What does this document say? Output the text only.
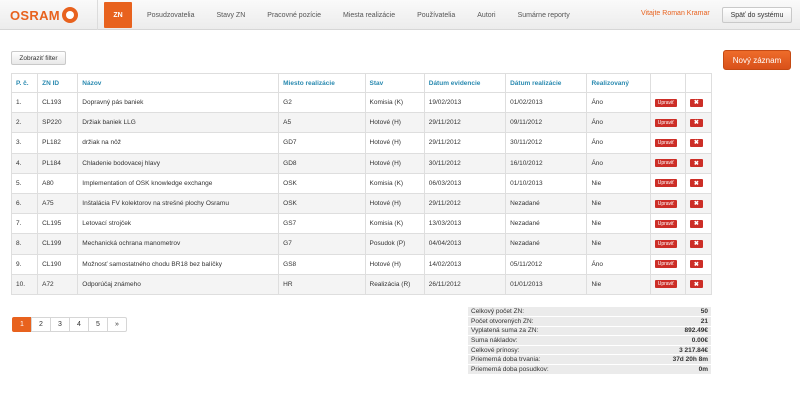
OSRAM	ZN	Posudzovatelia	Stavy ZN	Pracovné pozície	Miesta realizácie	Používatelia	Autori	Sumárne reporty	Vitajte Roman Kramar	Späť do systému
Zobraziť filter	Nový záznam
P. č.	ZN ID	Názov	Miesto realizácie	Stav	Dátum evidencie	Dátum realizácie	Realizovaný		
1.	CL193	Dopravný pás baniek	G2	Komisia (K)	19/02/2013	01/02/2013	Áno	Upraviť	✖
2.	SP220	Držiak baniek LLG	A5	Hotové (H)	29/11/2012	09/11/2012	Áno	Upraviť	✖
3.	PL182	držiak na nôž	GD7	Hotové (H)	29/11/2012	30/11/2012	Áno	Upraviť	✖
4.	PL184	Chladenie bodovacej hlavy	GD8	Hotové (H)	30/11/2012	16/10/2012	Áno	Upraviť	✖
5.	A80	Implementation of OSK knowledge exchange	OSK	Komisia (K)	06/03/2013	01/10/2013	Nie	Upraviť	✖
6.	A75	Inštalácia FV kolektorov na strešné plochy Osramu	OSK	Hotové (H)	29/11/2012	Nezadané	Nie	Upraviť	✖
7.	CL195	Letovací strojček	GS7	Komisia (K)	13/03/2013	Nezadané	Nie	Upraviť	✖
8.	CL199	Mechanická ochrana manometrov	G7	Posudok (P)	04/04/2013	Nezadané	Nie	Upraviť	✖
9.	CL190	Možnosť samostatného chodu BR18 bez balíčky	GS8	Hotové (H)	14/02/2013	05/11/2012	Áno	Upraviť	✖
10.	A72	Odporúčaj známeho	HR	Realizácia (R)	26/11/2012	01/01/2013	Nie	Upraviť	✖
1	2	3	4	5	»
Celkový počet ZN:	50
Počet otvorených ZN:	21
Vyplatená suma za ZN:	892.49€
Suma nákladov:	0.00€
Celkové prínosy:	3 217.84€
Priemerná doba trvania:	37d 20h 8m
Priemerná doba posudkov:	0m
